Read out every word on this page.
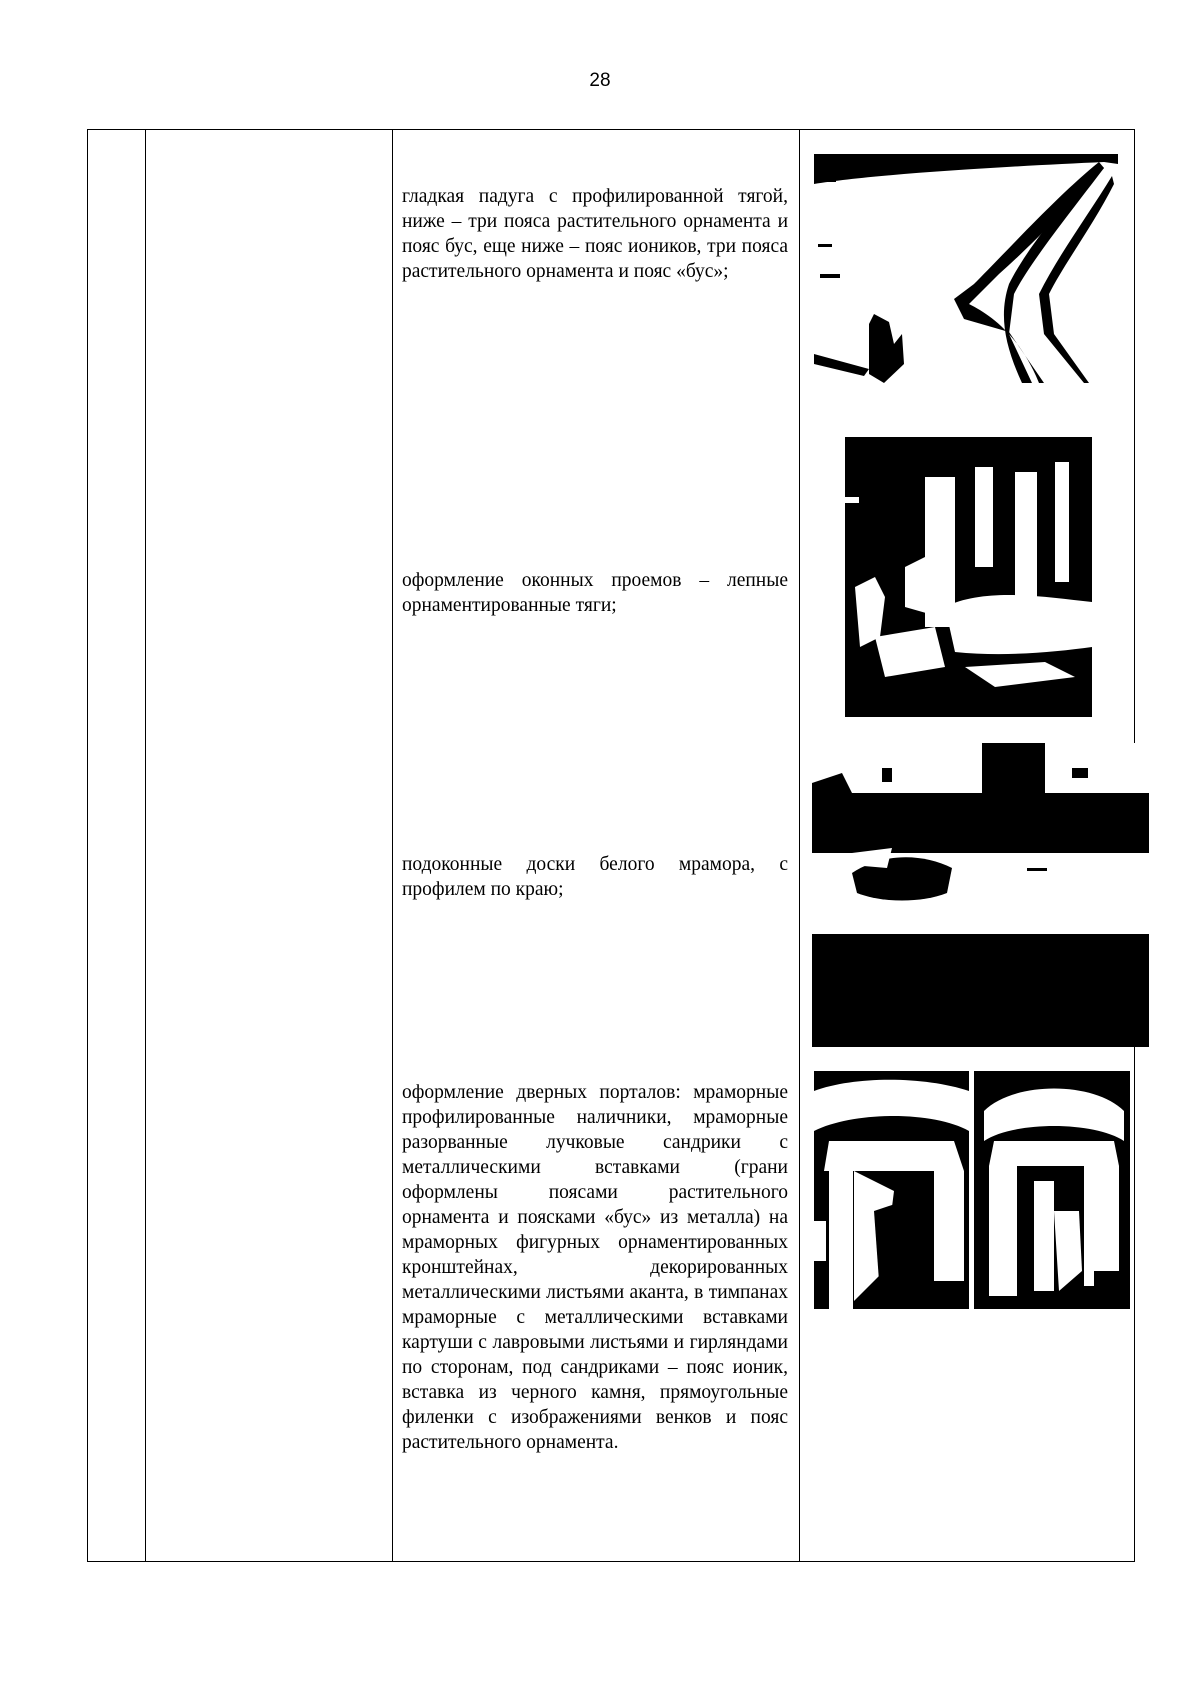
28

гладкая падуга с профилированной тягой, ниже – три пояса растительного орнамента и пояс бус, еще ниже – пояс иоников, три пояса растительного орнамента и пояс «бус»;

оформление оконных проемов – лепные орнаментированные тяги;

подоконные доски белого мрамора, с профилем по краю;

оформление дверных порталов: мраморные профилированные наличники, мраморные разорванные лучковые сандрики с металлическими вставками (грани оформлены поясами растительного орнамента и поясками «бус» из металла) на мраморных фигурных орнаментированных кронштейнах, декорированных металлическими листьями аканта, в тимпанах мраморные с металлическими вставками картуши с лавровыми листьями и гирляндами по сторонам, под сандриками – пояс ионик, вставка из черного камня, прямоугольные филенки с изображениями венков и пояс растительного орнамента.
